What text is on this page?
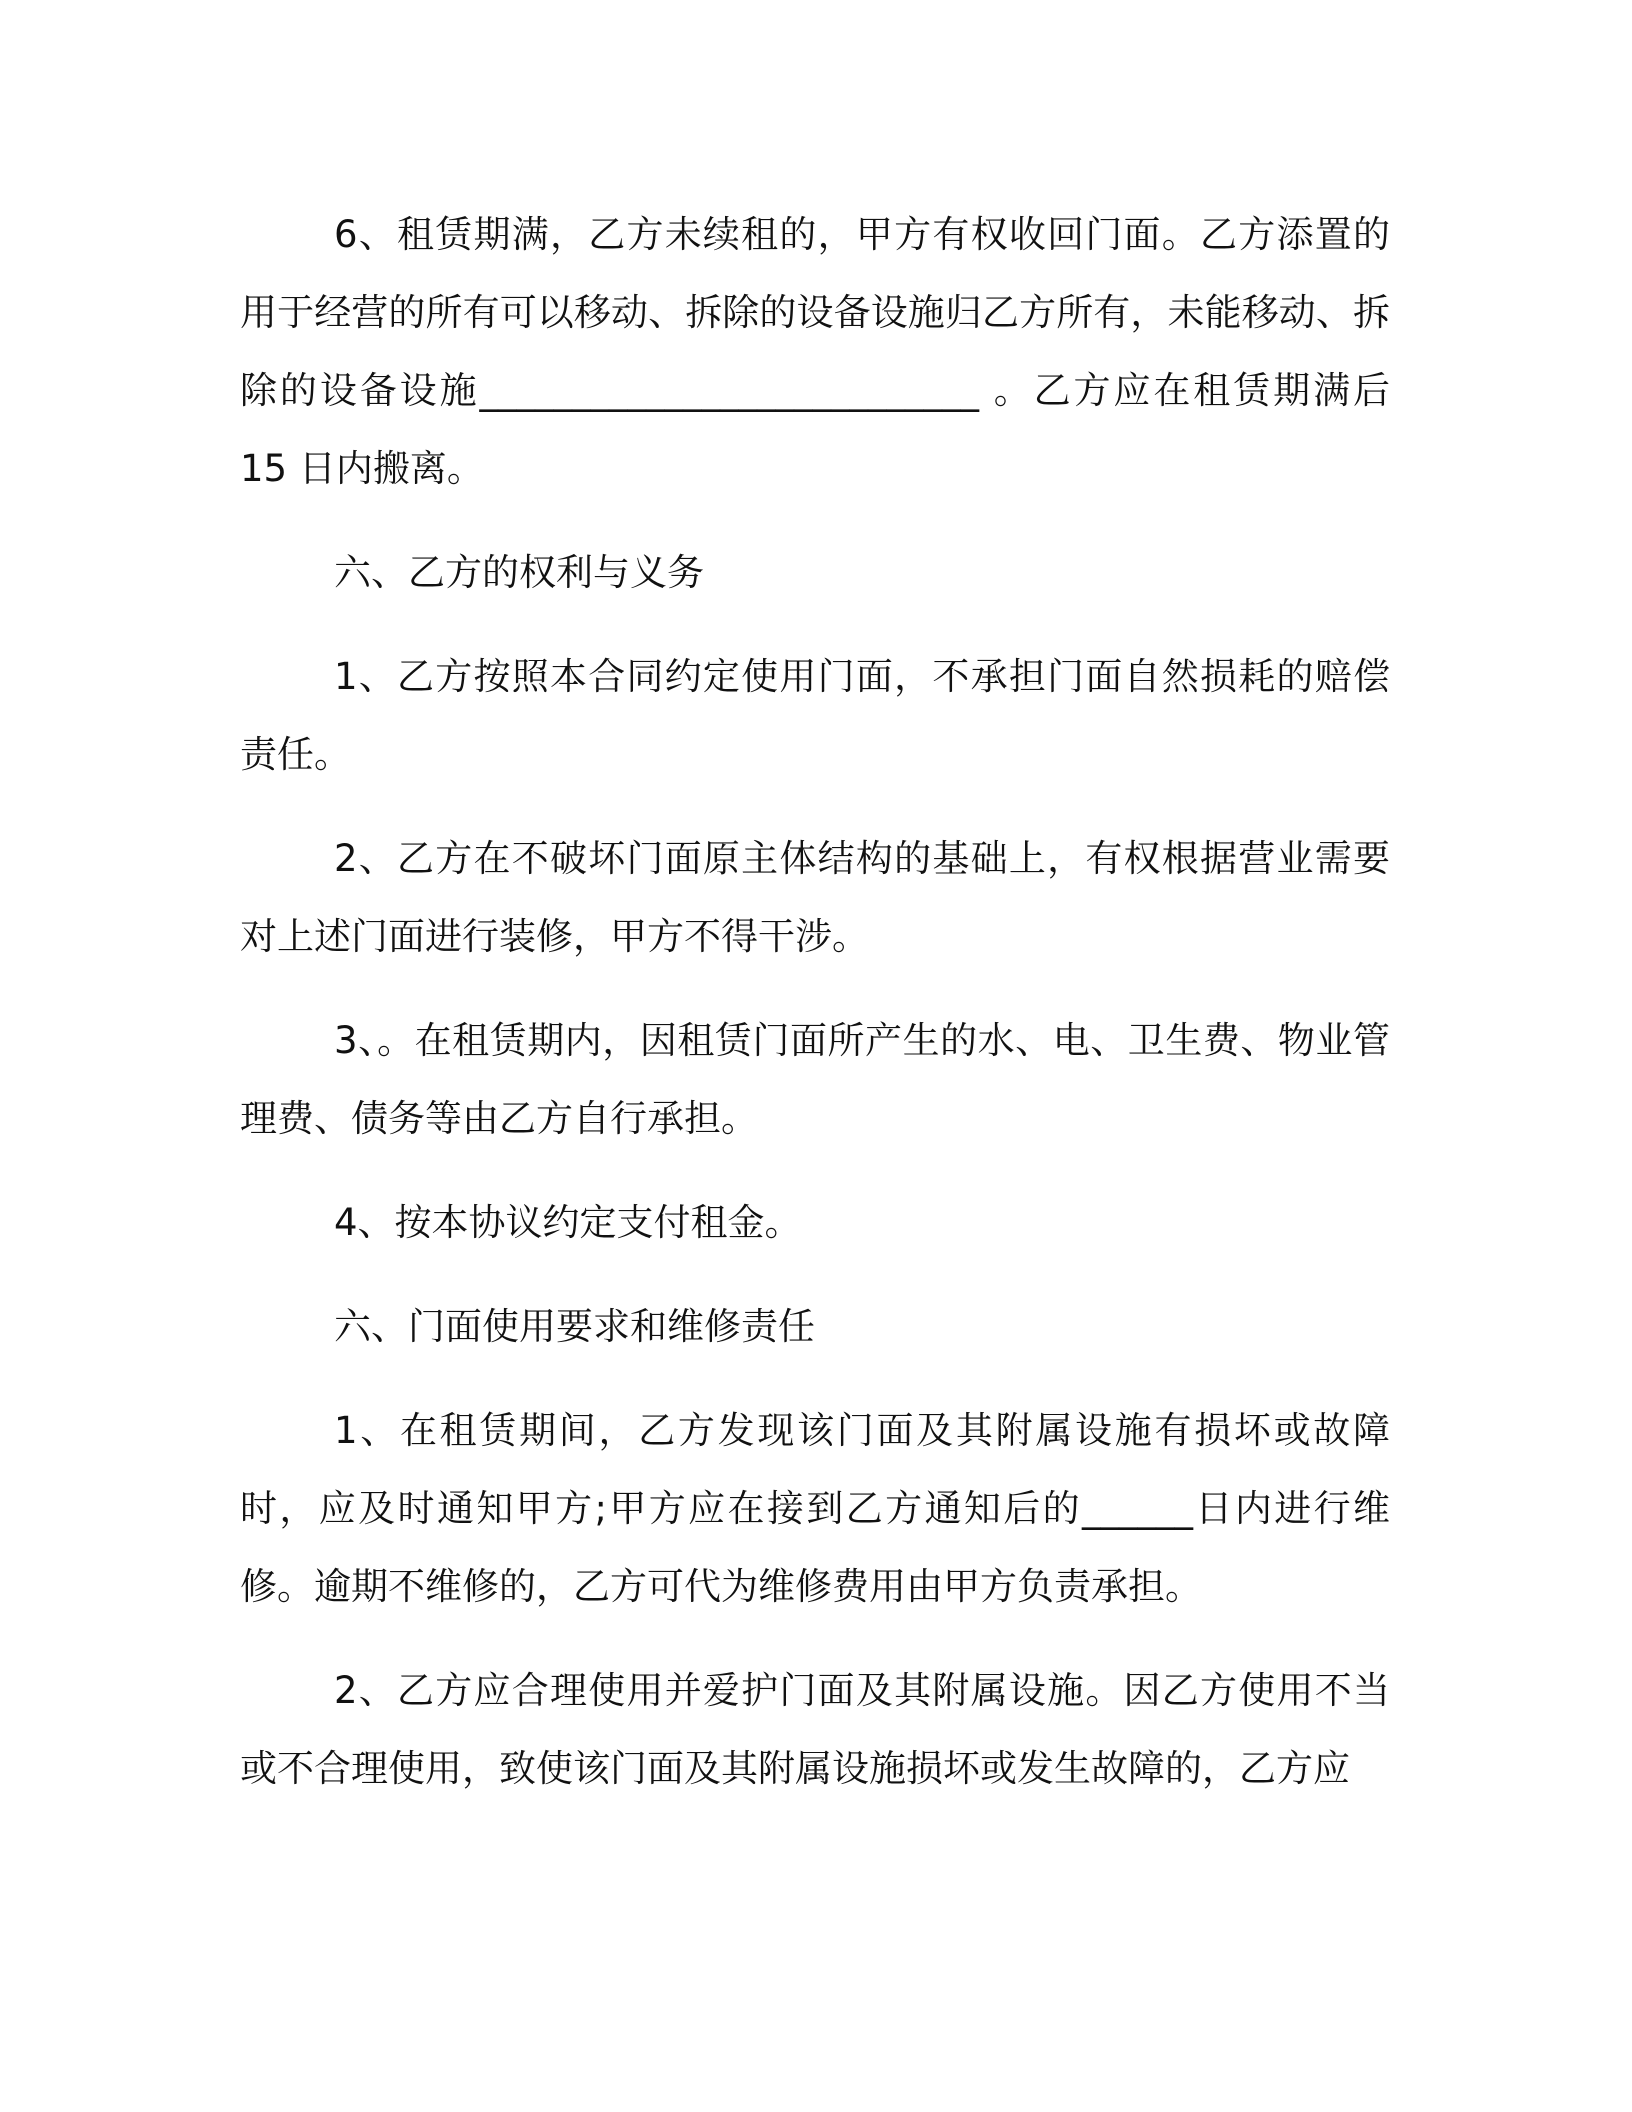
6、租赁期满，乙方未续租的，甲方有权收回门面。乙方添置的用于经营的所有可以移动、拆除的设备设施归乙方所有，未能移动、拆除的设备设施___________________________ 。乙方应在租赁期满后 15 日内搬离。

六、乙方的权利与义务

1、乙方按照本合同约定使用门面，不承担门面自然损耗的赔偿责任。

2、乙方在不破坏门面原主体结构的基础上，有权根据营业需要对上述门面进行装修，甲方不得干涉。

3、。在租赁期内，因租赁门面所产生的水、电、卫生费、物业管理费、债务等由乙方自行承担。

4、按本协议约定支付租金。

六、门面使用要求和维修责任

1、在租赁期间，乙方发现该门面及其附属设施有损坏或故障时，应及时通知甲方;甲方应在接到乙方通知后的______日内进行维修。逾期不维修的，乙方可代为维修费用由甲方负责承担。

2、乙方应合理使用并爱护门面及其附属设施。因乙方使用不当或不合理使用，致使该门面及其附属设施损坏或发生故障的，乙方应
